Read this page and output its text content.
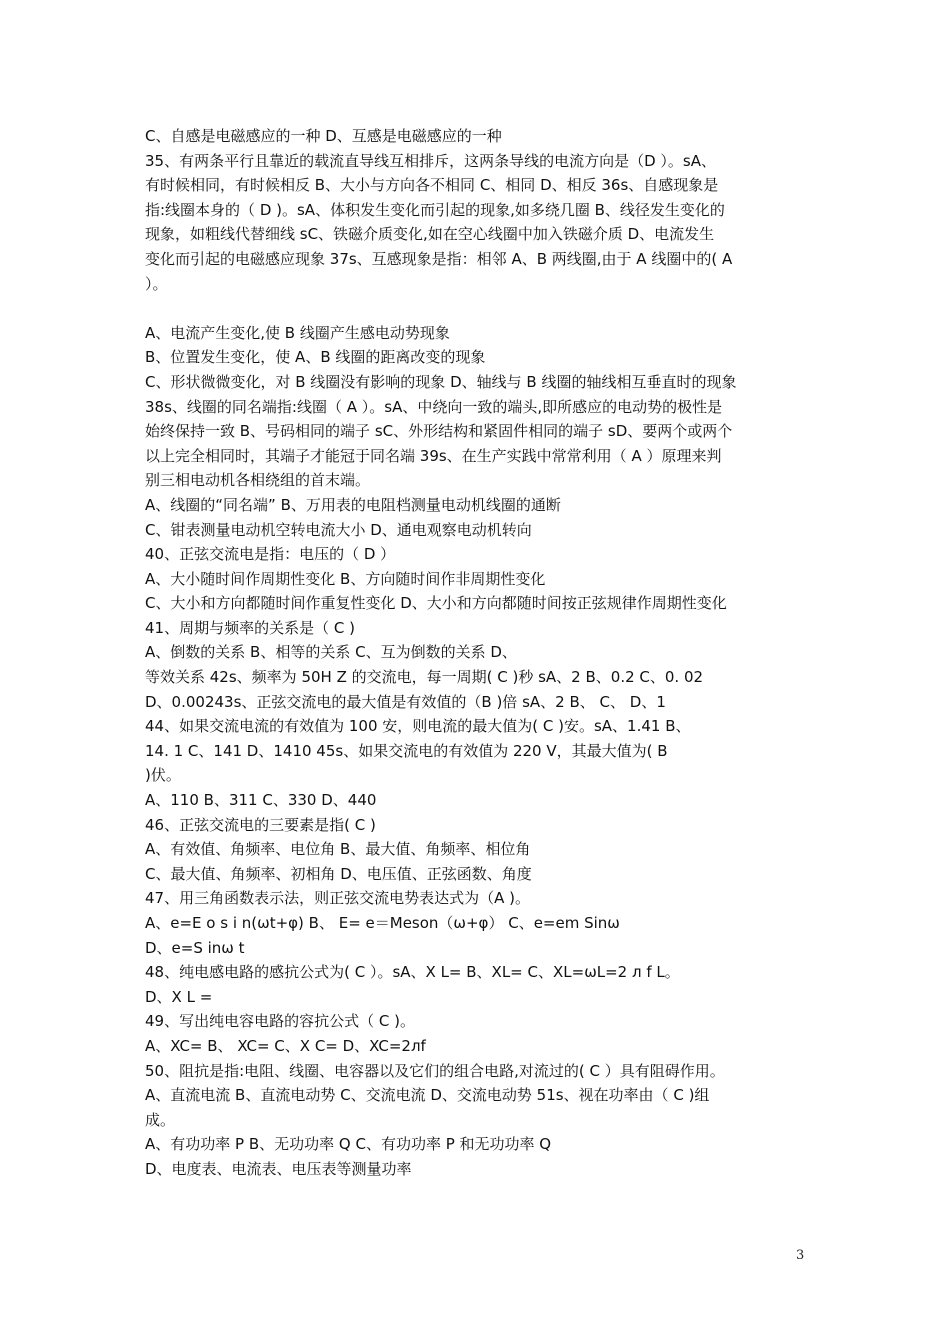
C、自感是电磁感应的一种 D、互感是电磁感应的一种
35、有两条平行且靠近的载流直导线互相排斥，这两条导线的电流方向是（D ）。ѕA、
有时候相同，有时候相反 B、大小与方向各不相同 C、相同 D、相反 36ѕ、自感现象是
指:线圈本身的（ D )。ѕA、体积发生变化而引起的现象,如多绕几圈 B、线径发生变化的
现象，如粗线代替细线 ѕC、铁磁介质变化,如在空心线圈中加入铁磁介质 D、电流发生
变化而引起的电磁感应现象 37ѕ、互感现象是指：相邻 A、B 两线圈,由于 A 线圈中的( A
）。
A、电流产生变化,使 B 线圈产生感电动势现象
B、位置发生变化，使 A、B 线圈的距离改变的现象
C、形状微微变化，对 B 线圈没有影响的现象 D、轴线与 B 线圈的轴线相互垂直时的现象
38ѕ、线圈的同名端指:线圈（ A ）。ѕA、中绕向一致的端头,即所感应的电动势的极性是
始终保持一致 B、号码相同的端子 ѕC、外形结构和紧固件相同的端子 ѕD、要两个或两个
以上完全相同时，其端子才能冠于同名端 39ѕ、在生产实践中常常利用（ A ）原理来判
别三相电动机各相绕组的首末端。
A、线圈的“同名端” B、万用表的电阻档测量电动机线圈的通断
C、钳表测量电动机空转电流大小 D、通电观察电动机转向
40、正弦交流电是指：电压的（ D ）
A、大小随时间作周期性变化 B、方向随时间作非周期性变化
C、大小和方向都随时间作重复性变化 D、大小和方向都随时间按正弦规律作周期性变化
41、周期与频率的关系是（ C )
A、倒数的关系 B、相等的关系 C、互为倒数的关系 D、
等效关系 42ѕ、频率为 50H Z 的交流电，每一周期( C )秒 ѕA、2 B、0.2 C、0. 02
D、0.00243ѕ、正弦交流电的最大值是有效值的（B )倍 ѕA、2 B、 C、 D、1
44、如果交流电流的有效值为 100 安，则电流的最大值为( C )安。ѕA、1.41 B、
14. 1 C、141 D、1410 45ѕ、如果交流电的有效值为 220 V，其最大值为( B
)伏。
A、110 B、311 C、330 D、440
46、正弦交流电的三要素是指( C )
A、有效值、角频率、电位角 B、最大值、角频率、相位角
C、最大值、角频率、初相角 D、电压值、正弦函数、角度
47、用三角函数表示法，则正弦交流电势表达式为（A )。
A、e=E o s i n(ωt+φ) B、 E= e＝Meson（ω+φ） C、e=em Sinω
D、e=S inω t
48、纯电感电路的感抗公式为( C ）。ѕA、X L= B、XL= C、XL=ωL=2 л f L。
D、X L =
49、写出纯电容电路的容抗公式（ C )。
A、XC= B、 XC= C、X C= D、XC=2лf
50、阻抗是指:电阻、线圈、电容器以及它们的组合电路,对流过的( C ）具有阻碍作用。
A、直流电流 B、直流电动势 C、交流电流 D、交流电动势 51ѕ、视在功率由（ C )组
成。
A、有功功率 P B、无功功率 Q C、有功功率 P 和无功功率 Q
D、电度表、电流表、电压表等测量功率
3
